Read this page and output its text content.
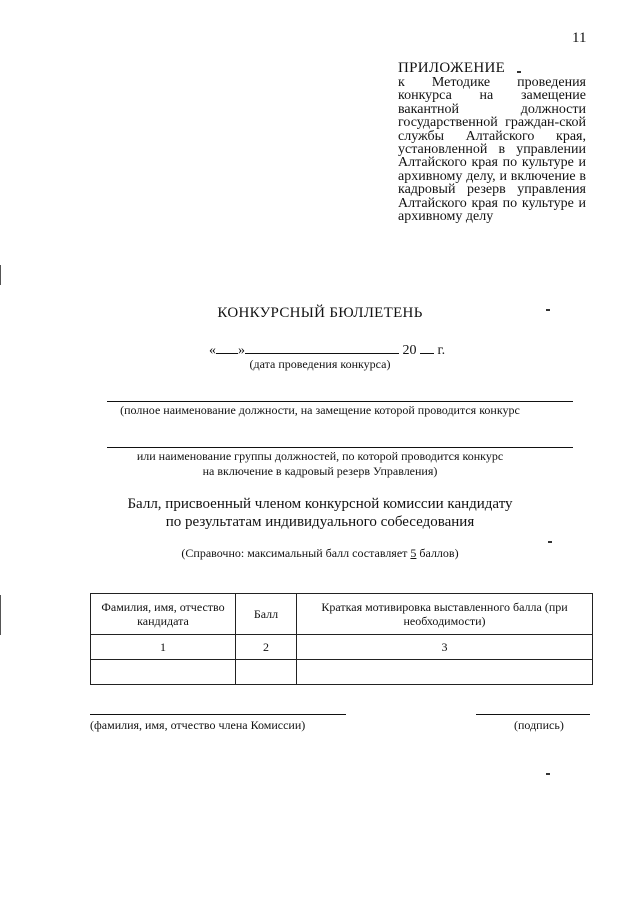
11
ПРИЛОЖЕНИЕ
к Методике проведения конкурса на замещение вакантной должности государственной граждан-ской службы Алтайского края, установленной в управлении Алтайского края по культуре и архивному делу, и включение в кадровый резерв управления Алтайского края по культуре и архивному делу
КОНКУРСНЫЙ БЮЛЛЕТЕНЬ
« »	20 г.
(дата проведения конкурса)
(полное наименование должности, на замещение которой проводится конкурс
или наименование группы должностей, по которой проводится конкурс
на включение в кадровый резерв Управления)
Балл, присвоенный членом конкурсной комиссии кандидату
по результатам индивидуального собеседования
(Справочно: максимальный балл составляет 5 баллов)
Фамилия, имя, отчество кандидата	Балл	Краткая мотивировка выставленного балла (при необходимости)
1	2	3

(фамилия, имя, отчество члена Комиссии)	(подпись)
